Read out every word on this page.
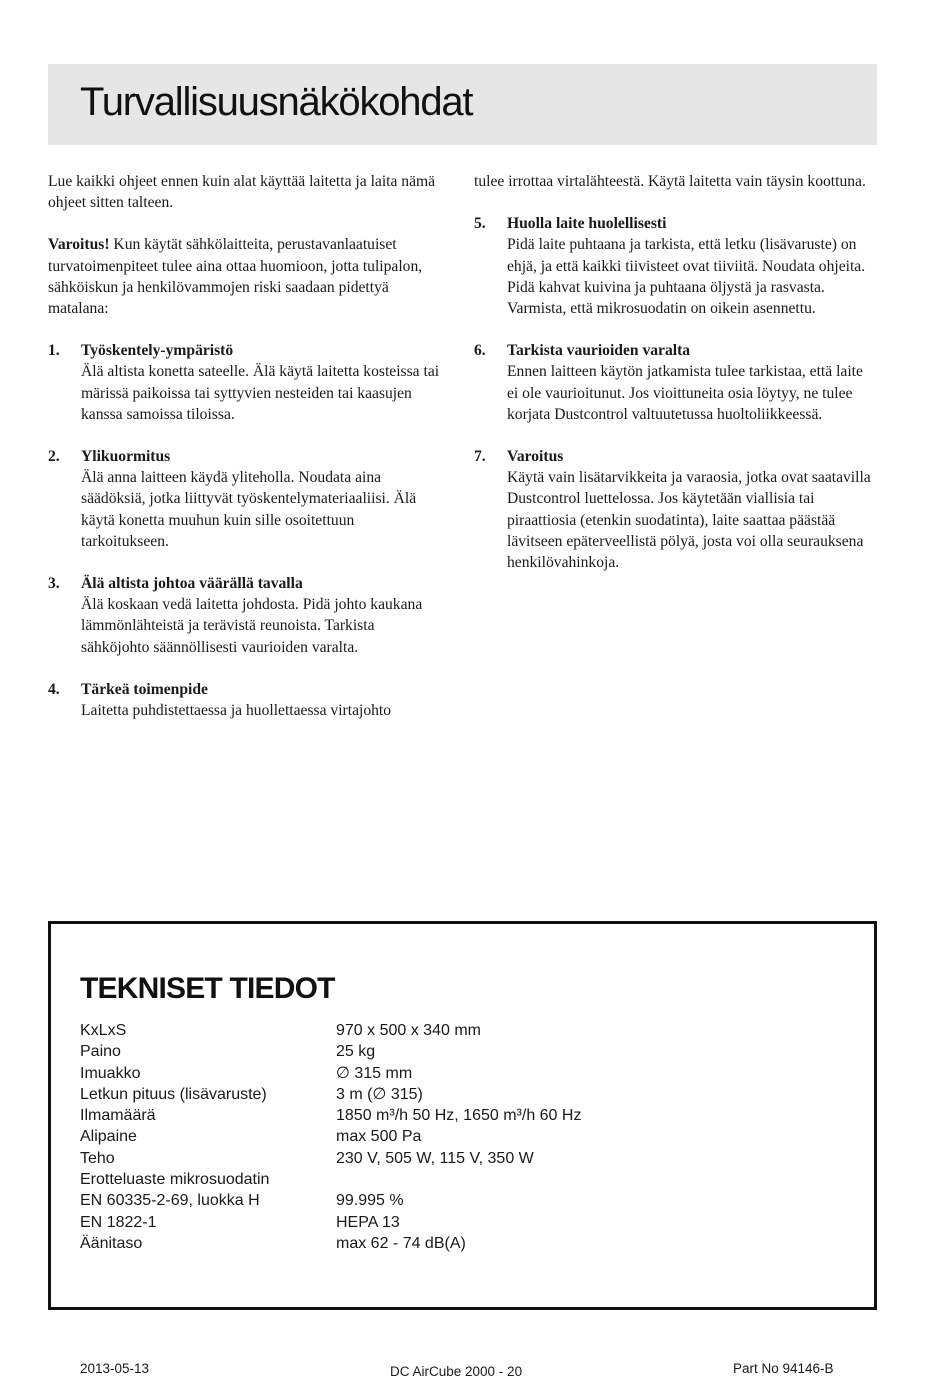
Turvallisuusnäkökohdat

Lue kaikki ohjeet ennen kuin alat käyttää laitetta ja laita nämä ohjeet sitten talteen.

Varoitus! Kun käytät sähkölaitteita, perustavanlaatuiset turvatoimenpiteet tulee aina ottaa huomioon, jotta tulipalon, sähköiskun ja henkilövammojen riski saadaan pidettyä matalana:

1. Työskentely-ympäristö
Älä altista konetta sateelle. Älä käytä laitetta kosteissa tai märissä paikoissa tai syttyvien nesteiden tai kaasujen kanssa samoissa tiloissa.
2. Ylikuormitus
Älä anna laitteen käydä yliteholla. Noudata aina säädöksiä, jotka liittyvät työskentelymateriaaliisi. Älä käytä konetta muuhun kuin sille osoitettuun tarkoitukseen.
3. Älä altista johtoa väärällä tavalla
Älä koskaan vedä laitetta johdosta. Pidä johto kaukana lämmönlähteistä ja terävistä reunoista. Tarkista sähköjohto säännöllisesti vaurioiden varalta.
4. Tärkeä toimenpide
Laitetta puhdistettaessa ja huollettaessa virtajohto

tulee irrottaa virtalähteestä. Käytä laitetta vain täysin koottuna.

5. Huolla laite huolellisesti
Pidä laite puhtaana ja tarkista, että letku (lisävaruste) on ehjä, ja että kaikki tiivisteet ovat tiiviitä. Noudata ohjeita. Pidä kahvat kuivina ja puhtaana öljystä ja rasvasta. Varmista, että mikrosuodatin on oikein asennettu.
6. Tarkista vaurioiden varalta
Ennen laitteen käytön jatkamista tulee tarkistaa, että laite ei ole vaurioitunut. Jos vioittuneita osia löytyy, ne tulee korjata Dustcontrol valtuutetussa huoltoliikkeessä.
7. Varoitus
Käytä vain lisätarvikkeita ja varaosia, jotka ovat saatavilla Dustcontrol luettelossa. Jos käytetään viallisia tai piraattiosia (etenkin suodatinta), laite saattaa päästää lävitseen epäterveellistä pölyä, josta voi olla seurauksena henkilövahinkoja.
TEKNISET TIEDOT
KxLxS	970 x 500 x 340 mm
Paino	25 kg
Imuakko	∅ 315 mm
Letkun pituus (lisävaruste)	3 m (∅ 315)
Ilmamäärä	1850 m³/h 50 Hz, 1650 m³/h 60 Hz
Alipaine	max 500 Pa
Teho	230 V, 505 W, 115 V, 350 W
Erotteluaste mikrosuodatin
EN 60335-2-69, luokka H	99.995 %
EN 1822-1	HEPA 13
Äänitaso	max 62 - 74 dB(A)
2013-05-13	DC AirCube 2000 - 20	Part No 94146-B
